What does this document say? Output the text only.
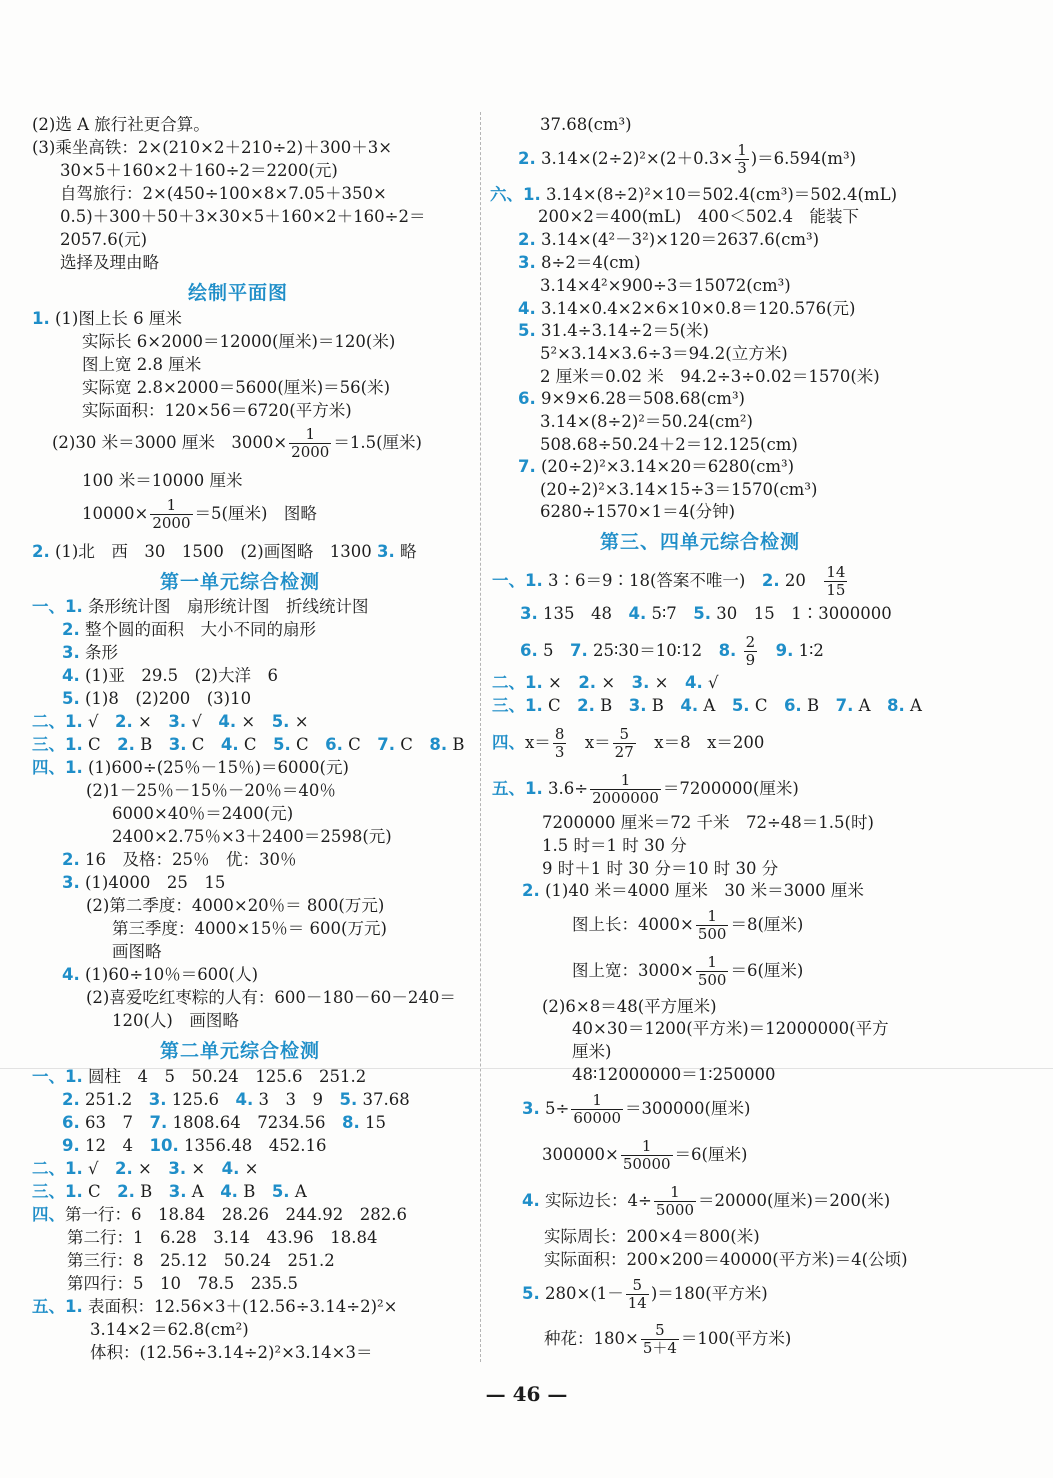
(2)选 A 旅行社更合算。
(3)乘坐高铁：2×(210×2＋210÷2)＋300＋3×
30×5＋160×2＋160÷2＝2200(元)
自驾旅行：2×(450÷100×8×7.05＋350×
0.5)＋300＋50＋3×30×5＋160×2＋160÷2＝
2057.6(元)
选择及理由略
绘制平面图
1. (1)图上长 6 厘米
实际长 6×2000＝12000(厘米)＝120(米)
图上宽 2.8 厘米
实际宽 2.8×2000＝5600(厘米)＝56(米)
实际面积：120×56＝6720(平方米)
(2)30 米＝3000 厘米　$3000\times \frac{1}{2000} =1.5$(厘米)
100 米＝10000 厘米
$10000\times \frac{1}{2000} =5$(厘米)　图略
2. (1)北　西　30　1500　(2)画图略　1300 3. 略
第一单元综合检测
一、1. 条形统计图　扇形统计图　折线统计图
2. 整个圆的面积　大小不同的扇形
3. 条形
4. (1)亚　29.5　(2)大洋　6
5. (1)8　(2)200　(3)10
二、1. √　 2. ×　 3. √　 4. ×　 5. ×
三、1. C　 2. B　 3. C　 4. C　 5. C　 6. C　 7. C　 8. B
四、1. (1)600÷(25％－15％)＝6000(元)
(2)1－25％－15％－20％＝40％
6000×40％＝2400(元)
2400×2.75％×3＋2400＝2598(元)
2. 16　及格：25％　优：30％
3. (1)4000　25　15
(2)第二季度：4000×20％＝ 800(万元)
第三季度：4000×15％＝ 600(万元)
画图略
4. (1)60÷10％＝600(人)
(2)喜爱吃红枣粽的人有：600－180－60－240＝
120(人)　画图略
第二单元综合检测
一、1. 圆柱　4　5　50.24　125.6　251.2
2. 251.2　 3. 125.6　 4. 3　3　9　 5. 37.68
6. 63　7　 7. 1808.64　7234.56　 8. 15
9. 12　4　 10. 1356.48　452.16
二、1. √　 2. ×　 3. ×　 4. ×
三、1. C　 2. B　 3. A　 4. B　 5. A
四、第一行：6　18.84　28.26　244.92　282.6
第二行：1　6.28　3.14　43.96　18.84
第三行：8　25.12　50.24　251.2
第四行：5　10　78.5　235.5
五、1. 表面积：12.56×3＋(12.56÷3.14÷2)²×
3.14×2＝62.8(cm²)
体积：(12.56÷3.14÷2)²×3.14×3＝
37.68(cm³)
2. $3.14\times(2\div 2)^2\times(2+0.3\times \frac{1}{3} )=6.594(m^3)$
六、1. 3.14×(8÷2)²×10＝502.4(cm³)＝502.4(mL)
200×2＝400(mL)　400＜502.4　能装下
2. 3.14×(4²－3²)×120＝2637.6(cm³)
3. 8÷2＝4(cm)
3.14×4²×900÷3＝15072(cm³)
4. 3.14×0.4×2×6×10×0.8＝120.576(元)
5. 31.4÷3.14÷2＝5(米)
5²×3.14×3.6÷3＝94.2(立方米)
2 厘米＝0.02 米　94.2÷3÷0.02＝1570(米)
6. 9×9×6.28＝508.68(cm³)
3.14×(8÷2)²＝50.24(cm²)
508.68÷50.24＋2＝12.125(cm)
7. (20÷2)²×3.14×20＝6280(cm³)
(20÷2)²×3.14×15÷3＝1570(cm³)
6280÷1570×1＝4(分钟)
第三、四单元综合检测
一、1. 3∶6＝9∶18(答案不唯一)　 2. 20　 $\frac{14}{15}$
3. 135　48　 4. 5∶7　 5. 30　15　1∶3000000
6. 5　 7. 25∶30＝10∶12　 8. $\frac{2}{9}$
　 9. 1∶2
二、1. ×　 2. ×　 3. ×　 4. √
三、1. C　 2. B　 3. B　 4. A　 5. C　 6. B　 7. A　 8. A
四、$x= \frac{8}{3}$
　 $x= \frac{5}{27}$
　 x＝8　x＝200
五、1. $3.6\div \frac{1}{2000000} =7200000$(厘米)
7200000 厘米＝72 千米　72÷48＝1.5(时)
1.5 时＝1 时 30 分
9 时＋1 时 30 分＝10 时 30 分
2. (1)40 米＝4000 厘米　30 米＝3000 厘米
图上长：$4000\times \frac{1}{500} =8$(厘米)
图上宽：$3000\times \frac{1}{500} =6$(厘米)
(2)6×8＝48(平方厘米)
40×30＝1200(平方米)＝12000000(平方
厘米)
48∶12000000＝1∶250000
3. $5\div \frac{1}{60000} =300000$(厘米)
$300000\times \frac{1}{50000} =6$(厘米)
4. 实际边长：$4\div \frac{1}{5000} =20000$(厘米)＝200(米)
实际周长：200×4＝800(米)
实际面积：200×200＝40000(平方米)＝4(公顷)
5. $280\times(1- \frac{5}{14} )=180$(平方米)
种花：$180\times \frac{5}{5+4} =100$(平方米)
— 46 —
